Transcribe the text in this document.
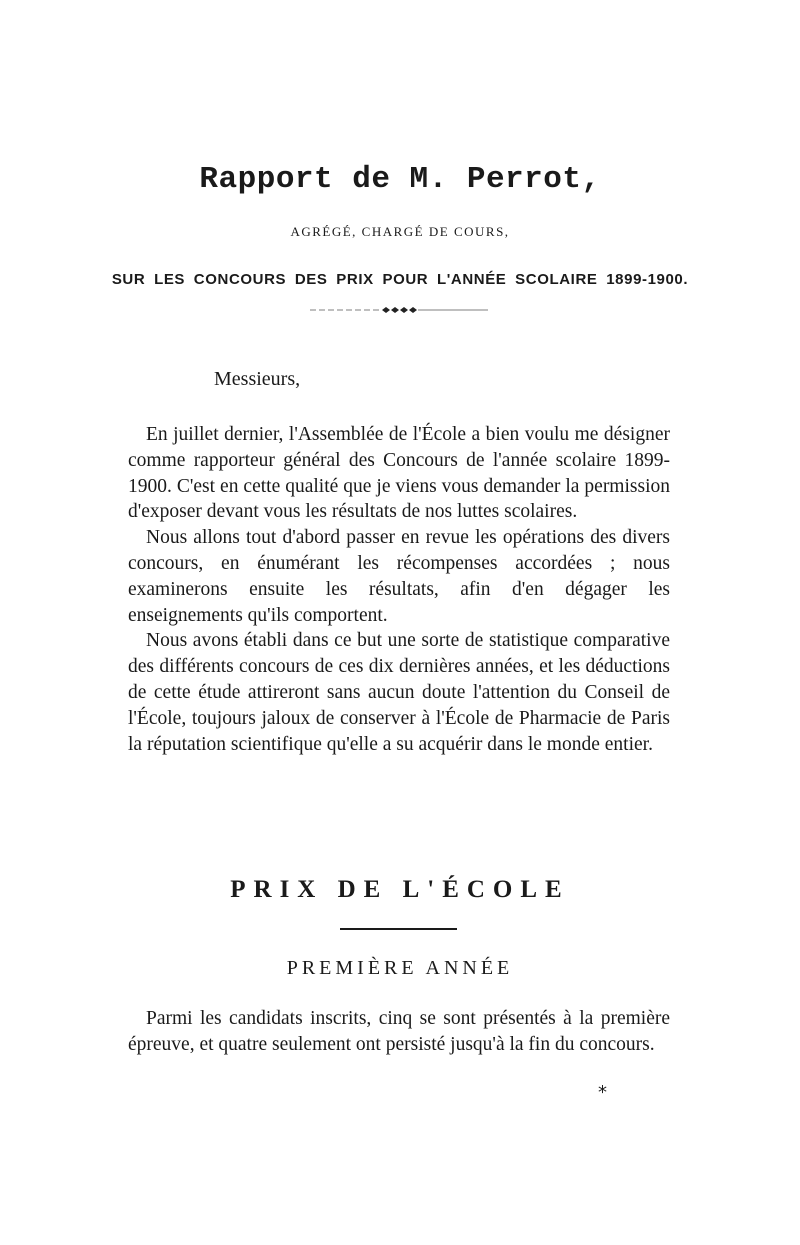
Rapport de M. Perrot,
AGRÉGÉ, CHARGÉ DE COURS,
SUR LES CONCOURS DES PRIX POUR L'ANNÉE SCOLAIRE 1899-1900.
Messieurs,

En juillet dernier, l'Assemblée de l'École a bien voulu me désigner comme rapporteur général des Concours de l'année scolaire 1899-1900. C'est en cette qualité que je viens vous demander la permission d'exposer devant vous les résultats de nos luttes scolaires.

Nous allons tout d'abord passer en revue les opérations des divers concours, en énumérant les récompenses accordées ; nous examinerons ensuite les résultats, afin d'en dégager les enseignements qu'ils comportent.

Nous avons établi dans ce but une sorte de statistique comparative des différents concours de ces dix dernières années, et les déductions de cette étude attireront sans aucun doute l'attention du Conseil de l'École, toujours jaloux de conserver à l'École de Pharmacie de Paris la réputation scientifique qu'elle a su acquérir dans le monde entier.

PRIX DE L'ÉCOLE
PREMIÈRE ANNÉE

Parmi les candidats inscrits, cinq se sont présentés à la première épreuve, et quatre seulement ont persisté jusqu'à la fin du concours.

*
